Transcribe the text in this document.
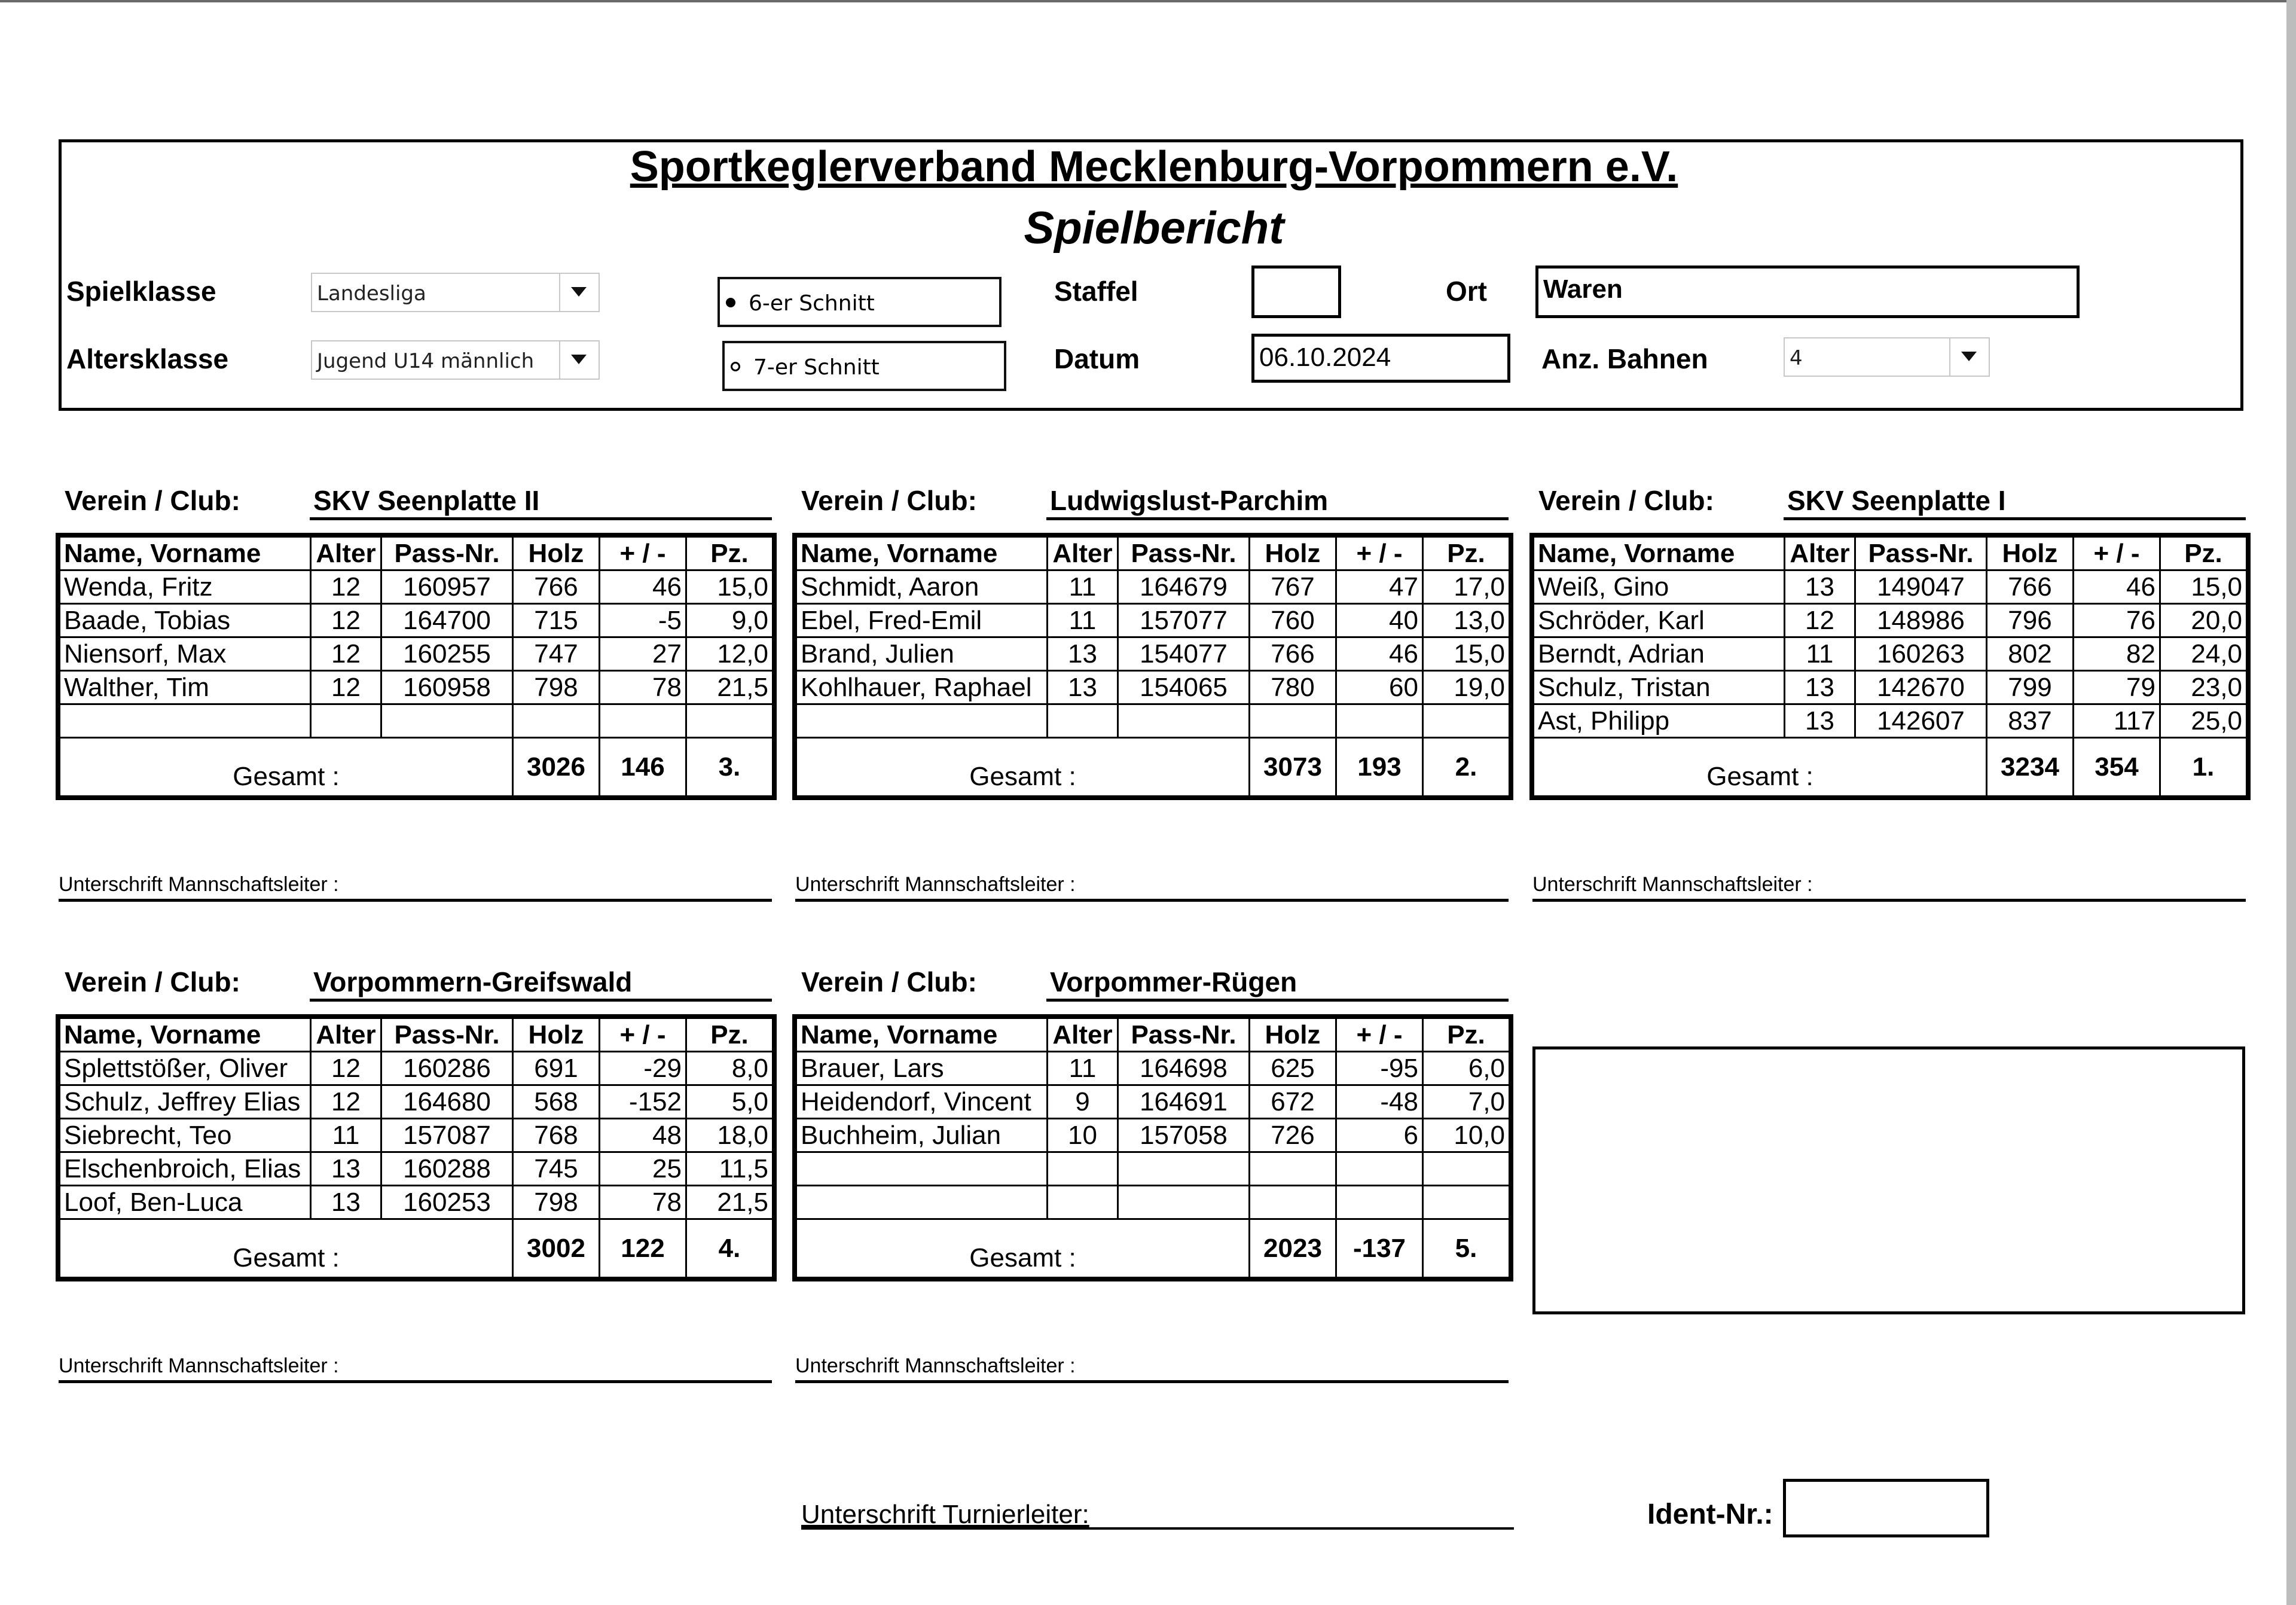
Sportkeglerverband Mecklenburg-Vorpommern e.V.
Spielbericht
Spielklasse	Landesliga
Altersklasse	Jugend U14 männlich
6-er Schnitt
7-er Schnitt
Staffel	Ort Waren
Datum	06.10.2024	Anz. Bahnen	4
Verein / Club:	SKV Seenplatte II
Name, Vorname	Alter	Pass-Nr.	Holz	+ / -	Pz.
Wenda, Fritz	12	160957	766	46	15,0
Baade, Tobias	12	164700	715	-5	9,0
Niensorf, Max	12	160255	747	27	12,0
Walther, Tim	12	160958	798	78	21,5

Gesamt :			3026	146	3.
Unterschrift Mannschaftsleiter :
Verein / Club:	Ludwigslust-Parchim
Name, Vorname	Alter	Pass-Nr.	Holz	+ / -	Pz.
Schmidt, Aaron	11	164679	767	47	17,0
Ebel, Fred-Emil	11	157077	760	40	13,0
Brand, Julien	13	154077	766	46	15,0
Kohlhauer, Raphael	13	154065	780	60	19,0

Gesamt :			3073	193	2.
Unterschrift Mannschaftsleiter :
Verein / Club:	SKV Seenplatte I
Name, Vorname	Alter	Pass-Nr.	Holz	+ / -	Pz.
Weiß, Gino	13	149047	766	46	15,0
Schröder, Karl	12	148986	796	76	20,0
Berndt, Adrian	11	160263	802	82	24,0
Schulz, Tristan	13	142670	799	79	23,0
Ast, Philipp	13	142607	837	117	25,0
Gesamt :			3234	354	1.
Unterschrift Mannschaftsleiter :
Verein / Club:	Vorpommern-Greifswald
Name, Vorname	Alter	Pass-Nr.	Holz	+ / -	Pz.
Splettstößer, Oliver	12	160286	691	-29	8,0
Schulz, Jeffrey Elias	12	164680	568	-152	5,0
Siebrecht, Teo	11	157087	768	48	18,0
Elschenbroich, Elias	13	160288	745	25	11,5
Loof, Ben-Luca	13	160253	798	78	21,5
Gesamt :			3002	122	4.
Unterschrift Mannschaftsleiter :
Verein / Club:	Vorpommer-Rügen
Name, Vorname	Alter	Pass-Nr.	Holz	+ / -	Pz.
Brauer, Lars	11	164698	625	-95	6,0
Heidendorf, Vincent	9	164691	672	-48	7,0
Buchheim, Julian	10	157058	726	6	10,0

Gesamt :			2023	-137	5.
Unterschrift Mannschaftsleiter :
Unterschrift Turnierleiter:	Ident-Nr.:
